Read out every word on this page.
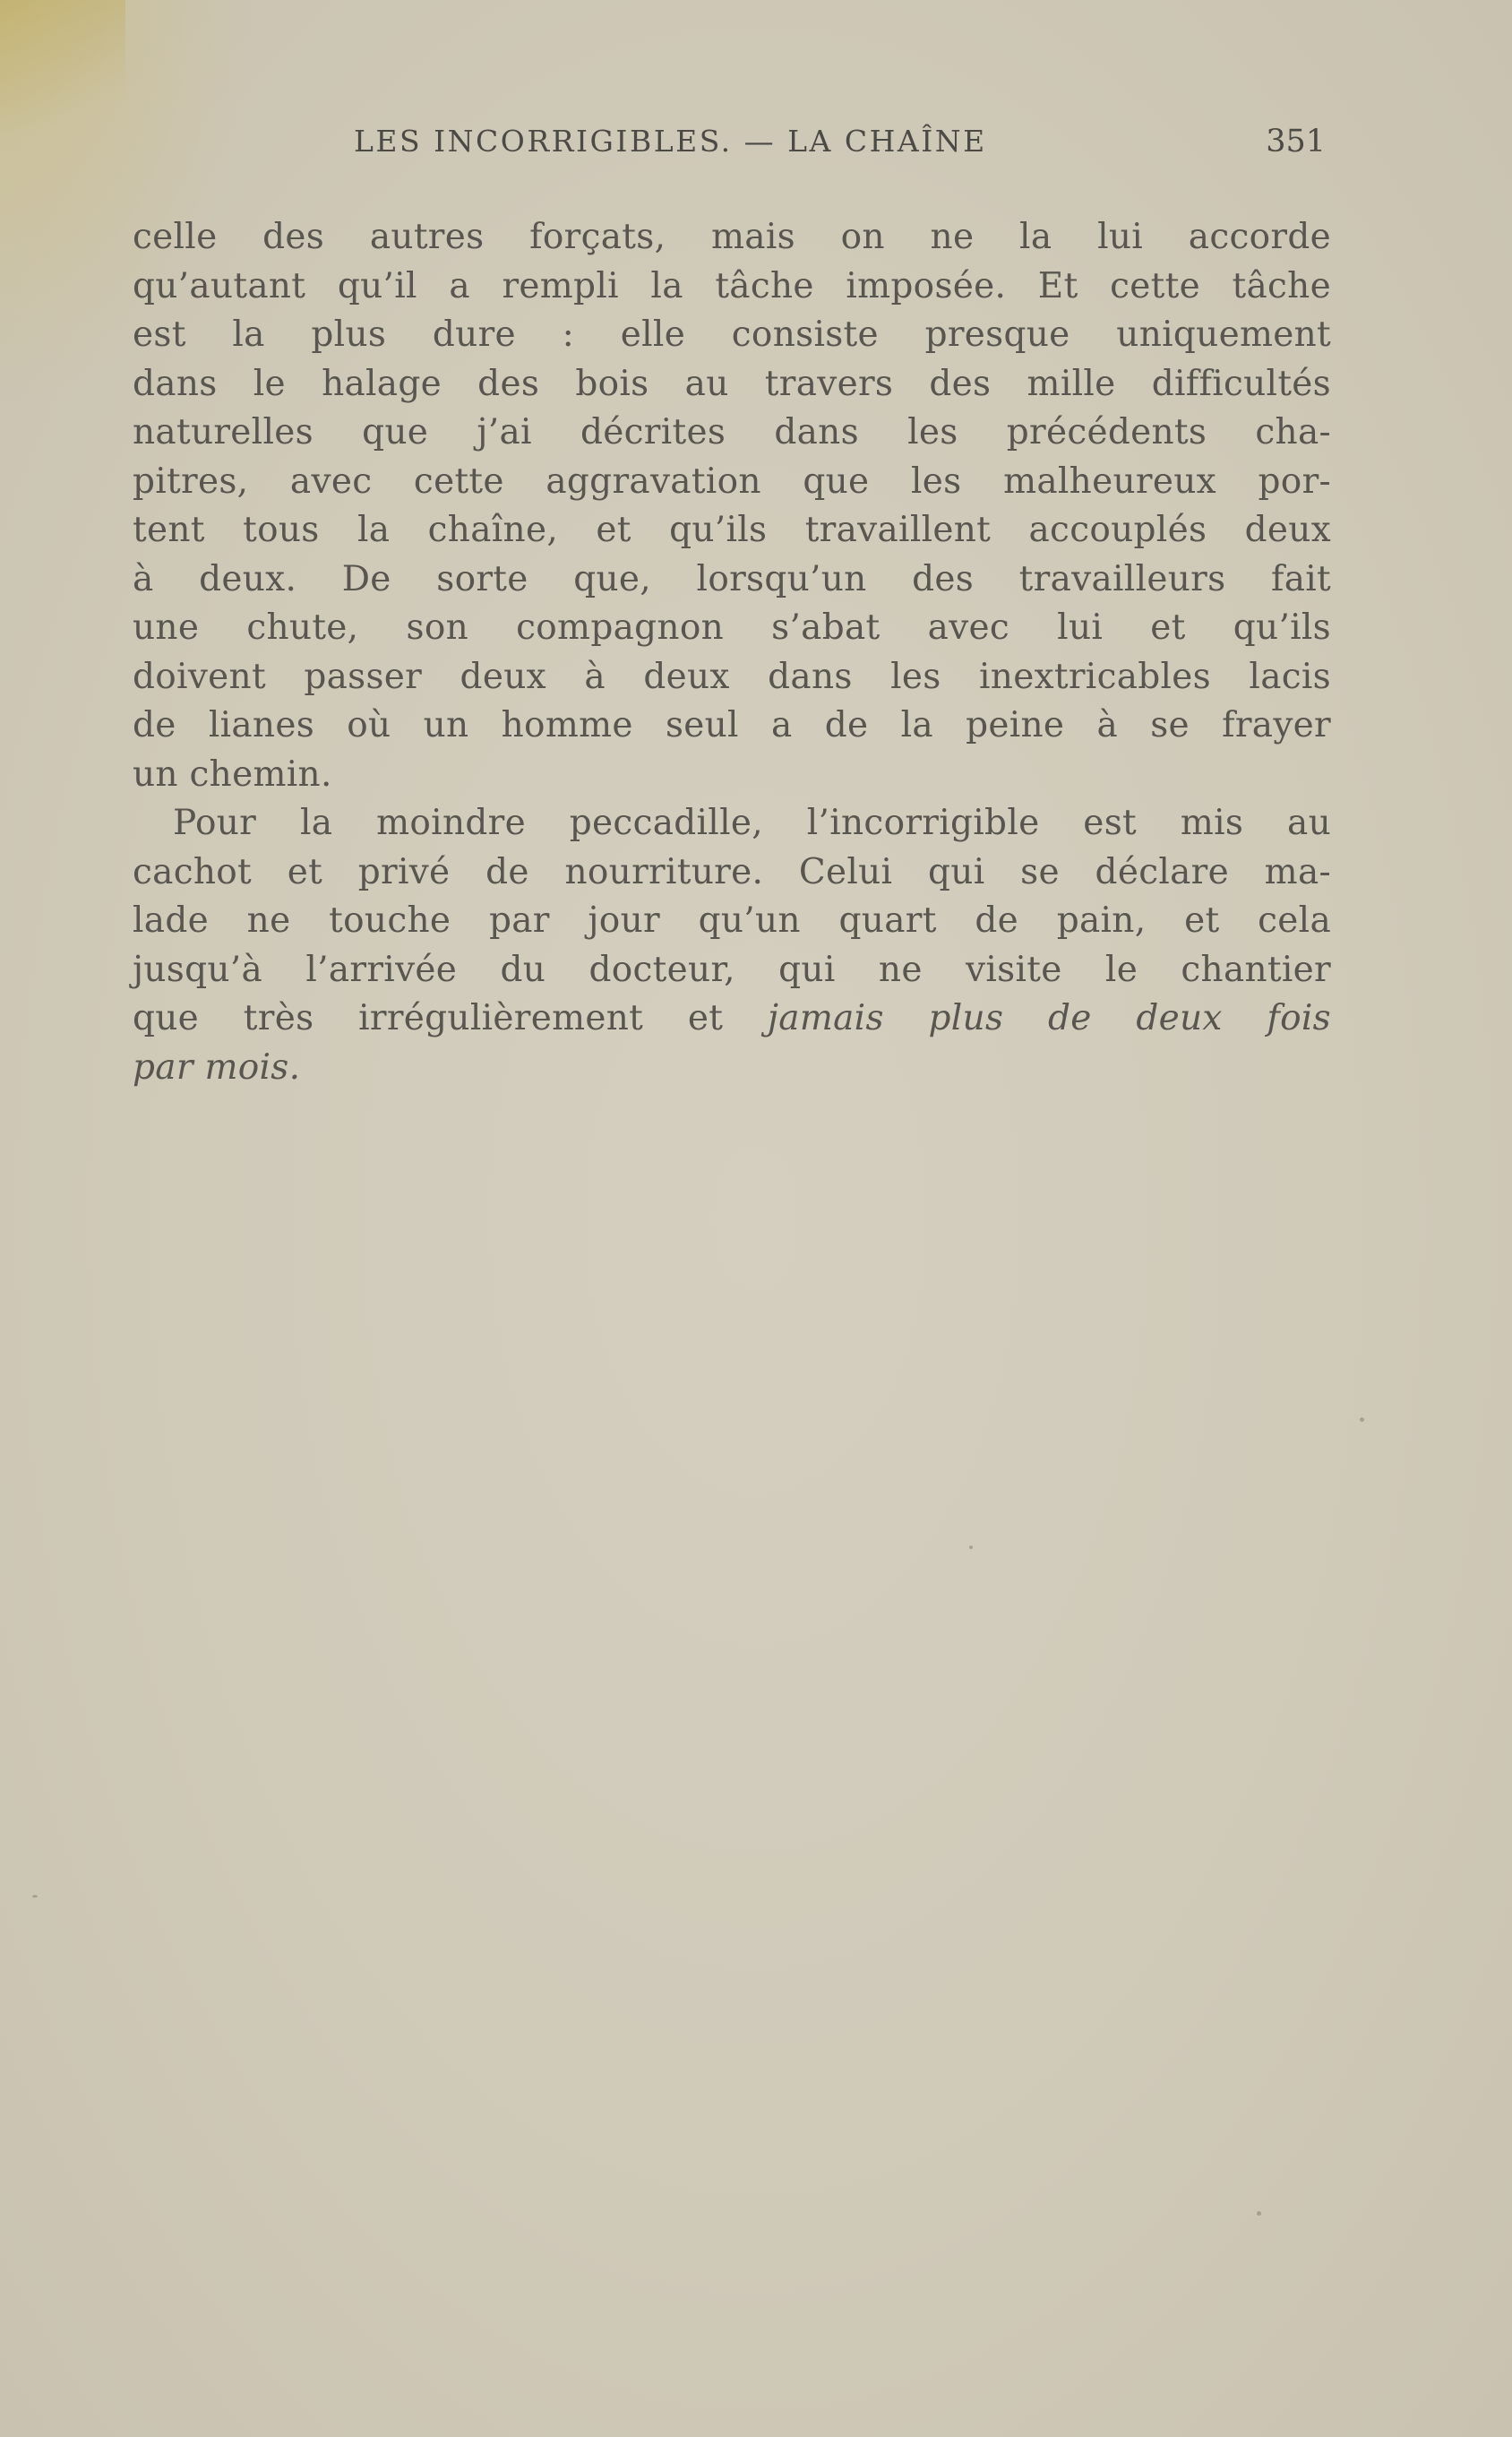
LES INCORRIGIBLES. — LA CHAÎNE	351
celle des autres forçats, mais on ne la lui accorde
qu’autant qu’il a rempli la tâche imposée. Et cette tâche
est la plus dure : elle consiste presque uniquement
dans le halage des bois au travers des mille difficultés
naturelles que j’ai décrites dans les précédents cha-
pitres, avec cette aggravation que les malheureux por-
tent tous la chaîne, et qu’ils travaillent accouplés deux
à deux. De sorte que, lorsqu’un des travailleurs fait
une chute, son compagnon s’abat avec lui et qu’ils
doivent passer deux à deux dans les inextricables lacis
de lianes où un homme seul a de la peine à se frayer
un chemin.
Pour la moindre peccadille, l’incorrigible est mis au
cachot et privé de nourriture. Celui qui se déclare ma-
lade ne touche par jour qu’un quart de pain, et cela
jusqu’à l’arrivée du docteur, qui ne visite le chantier
que très irrégulièrement et jamais plus de deux fois
par mois.
